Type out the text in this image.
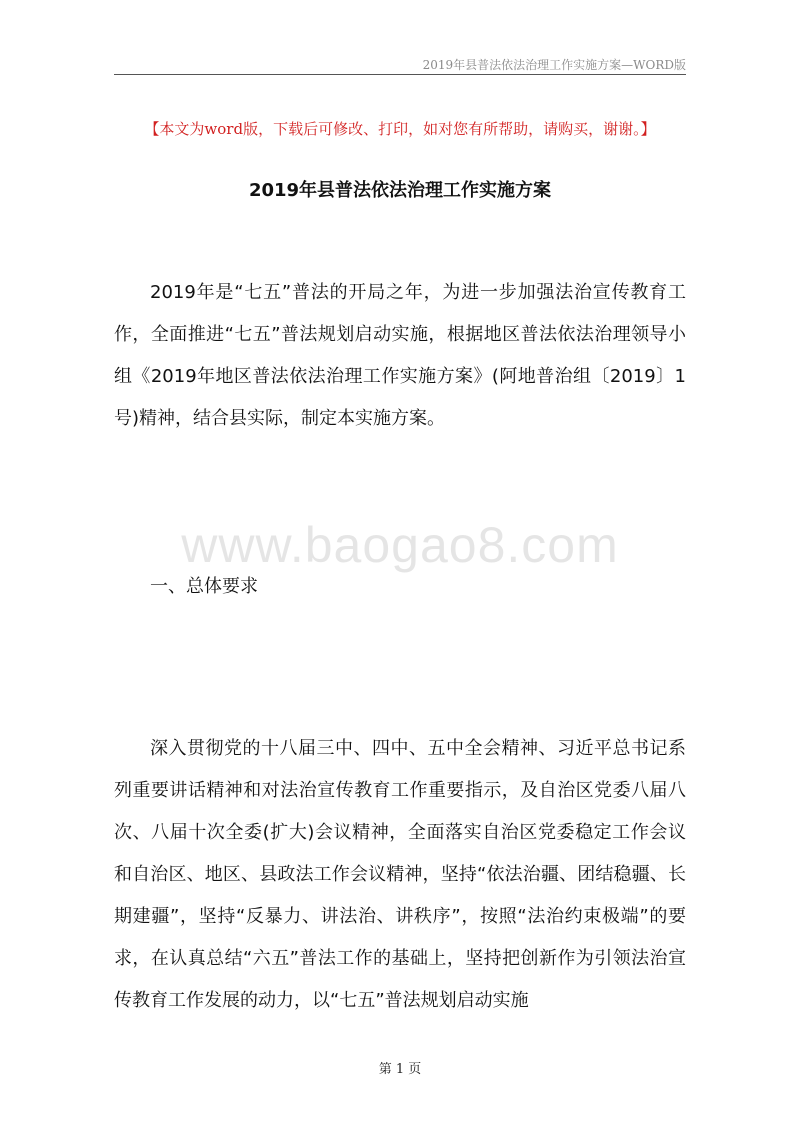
2019年县普法依法治理工作实施方案—WORD版
【本文为word版，下载后可修改、打印，如对您有所帮助，请购买，谢谢。】
2019年县普法依法治理工作实施方案

2019年是“七五”普法的开局之年，为进一步加强法治宣传教育工作，全面推进“七五”普法规划启动实施，根据地区普法依法治理领导小组《2019年地区普法依法治理工作实施方案》(阿地普治组〔2019〕1号)精神，结合县实际，制定本实施方案。

www.baogao8.com

一、总体要求

深入贯彻党的十八届三中、四中、五中全会精神、习近平总书记系列重要讲话精神和对法治宣传教育工作重要指示，及自治区党委八届八次、八届十次全委(扩大)会议精神，全面落实自治区党委稳定工作会议和自治区、地区、县政法工作会议精神，坚持“依法治疆、团结稳疆、长期建疆”，坚持“反暴力、讲法治、讲秩序”，按照“法治约束极端”的要求，在认真总结“六五”普法工作的基础上，坚持把创新作为引领法治宣传教育工作发展的动力，以“七五”普法规划启动实施

第 1 页
